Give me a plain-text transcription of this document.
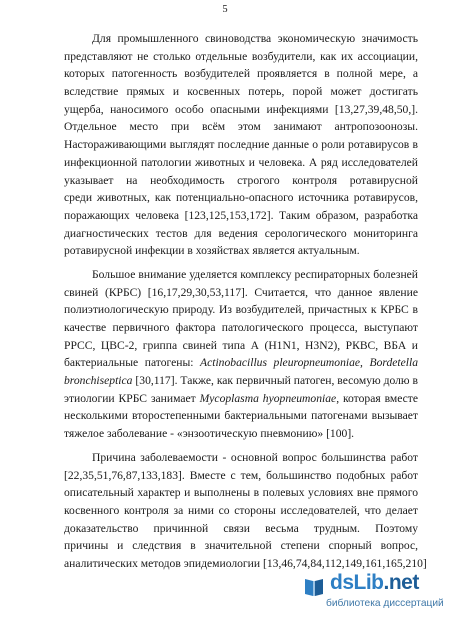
5
Для промышленного свиноводства экономическую значимость
представляют не столько отдельные возбудители, как их ассоциации,
которых патогенность возбудителей проявляется в полной мере, а
вследствие прямых и косвенных потерь, порой может достигать
ущерба, наносимого особо опасными инфекциями [13,27,39,48,50,].
Отдельное место при всём этом занимают антропозоонозы.
Настораживающими выглядят последние данные о роли ротавирусов в
инфекционной патологии животных и человека. А ряд исследователей
указывает на необходимость строгого контроля ротавирусной
среди животных, как потенциально-опасного источника ротавирусов,
поражающих человека [123,125,153,172]. Таким образом, разработка
диагностических тестов для ведения серологического мониторинга
ротавирусной инфекции в хозяйствах является актуальным.
Большое внимание уделяется комплексу респираторных болезней
свиней (КРБС) [16,17,29,30,53,117]. Считается, что данное явление
полиэтиологическую природу. Из возбудителей, причастных к КРБС в
качестве первичного фактора патологического процесса, выступают
РРСС, ЦВС-2, гриппа свиней типа А (H1N1, H3N2), РКВС, ВБА и
бактериальные патогены: Actinobacillus pleuropneumoniae, Bordetella
bronchiseptica [30,117]. Также, как первичный патоген, весомую долю в
этиологии КРБС занимает Mycoplasma hyopneumoniae, которая вместе
несколькими второстепенными бактериальными патогенами вызывает
тяжелое заболевание - «энзоотическую пневмонию» [100].
Причина заболеваемости - основной вопрос большинства работ
[22,35,51,76,87,133,183]. Вместе с тем, большинство подобных работ
описательный характер и выполнены в полевых условиях вне прямого
косвенного контроля за ними со стороны исследователей, что делает
доказательство причинной связи весьма трудным. Поэтому
причины и следствия в значительной степени спорный вопрос,
аналитических методов эпидемиологии [13,46,74,84,112,149,161,165,210]
dsLib.net
библиотека диссертаций
